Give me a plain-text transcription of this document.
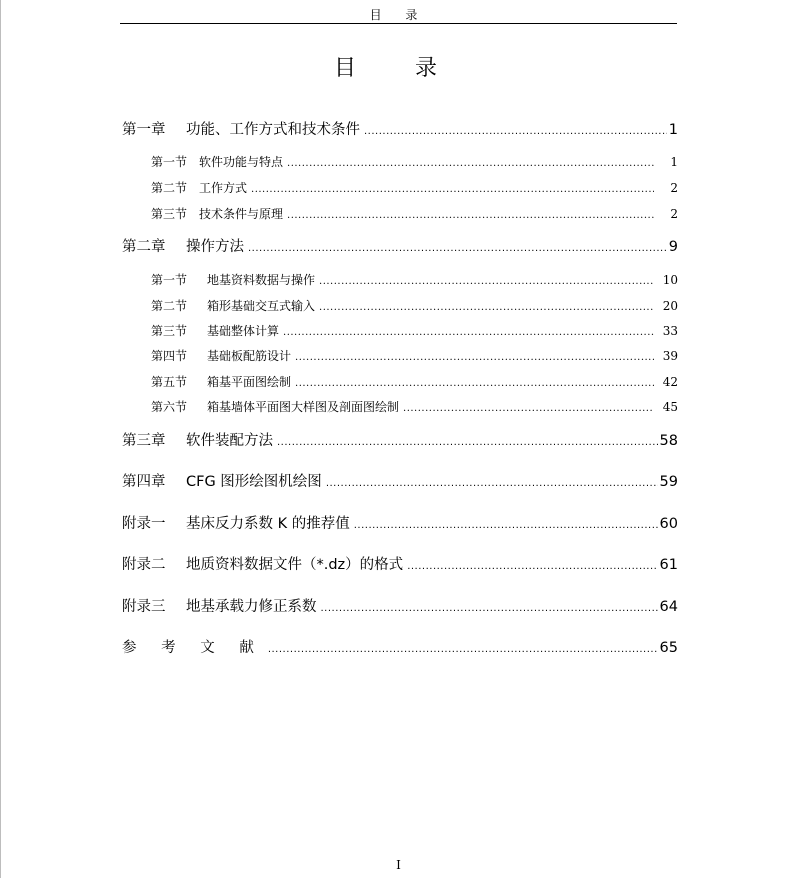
目 录
目 录
第一章	功能、工作方式和技术条件 .....	1
第一节 软件功能与特点 .....	1
第二节 工作方式 .....	2
第三节 技术条件与原理 .....	2
第二章	操作方法 .....	9
第一节	地基资料数据与操作 .....	10
第二节	箱形基础交互式输入 .....	20
第三节	基础整体计算 .....	33
第四节	基础板配筋设计 .....	39
第五节	箱基平面图绘制 .....	42
第六节	箱基墙体平面图大样图及剖面图绘制 .....	45
第三章	软件装配方法 .....	58
第四章	CFG 图形绘图机绘图 .....	59
附录一	基床反力系数 K 的推荐值 .....	60
附录二	地质资料数据文件（*.dz）的格式 .....	61
附录三	地基承载力修正系数 .....	64
参 考 文 献 .....	65
I
